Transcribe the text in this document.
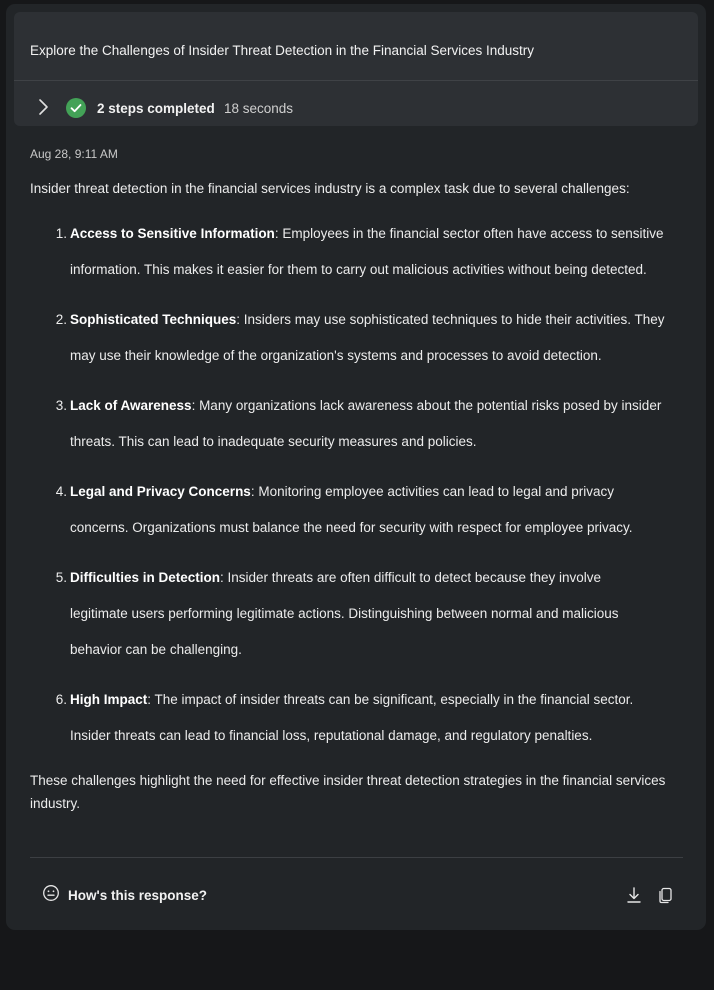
Explore the Challenges of Insider Threat Detection in the Financial Services Industry
2 steps completed 18 seconds
Aug 28, 9:11 AM
Insider threat detection in the financial services industry is a complex task due to several challenges:
1. Access to Sensitive Information: Employees in the financial sector often have access to sensitive
information. This makes it easier for them to carry out malicious activities without being detected.
2. Sophisticated Techniques: Insiders may use sophisticated techniques to hide their activities. They
may use their knowledge of the organization's systems and processes to avoid detection.
3. Lack of Awareness: Many organizations lack awareness about the potential risks posed by insider
threats. This can lead to inadequate security measures and policies.
4. Legal and Privacy Concerns: Monitoring employee activities can lead to legal and privacy
concerns. Organizations must balance the need for security with respect for employee privacy.
5. Difficulties in Detection: Insider threats are often difficult to detect because they involve
legitimate users performing legitimate actions. Distinguishing between normal and malicious
behavior can be challenging.
6. High Impact: The impact of insider threats can be significant, especially in the financial sector.
Insider threats can lead to financial loss, reputational damage, and regulatory penalties.
These challenges highlight the need for effective insider threat detection strategies in the financial services industry.
How's this response?
